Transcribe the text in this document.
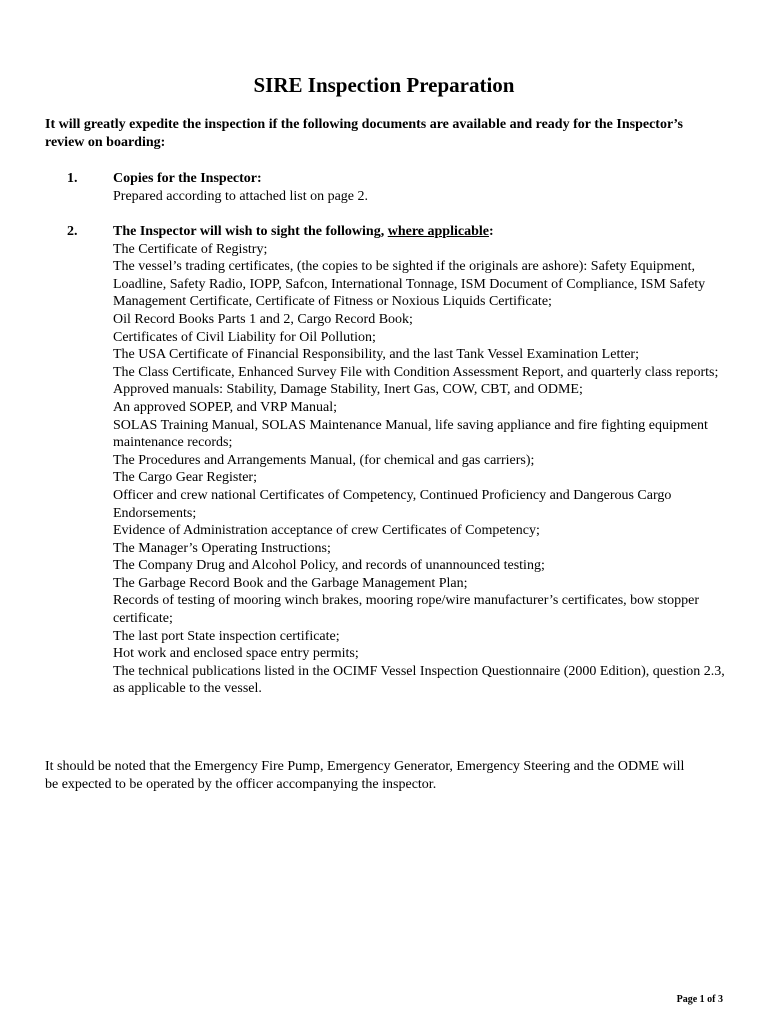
SIRE Inspection Preparation
It will greatly expedite the inspection if the following documents are available and ready for the Inspector’s review on boarding:
1.	Copies for the Inspector:
Prepared according to attached list on page 2.
2.	The Inspector will wish to sight the following, where applicable:
The Certificate of Registry;
The vessel’s trading certificates, (the copies to be sighted if the originals are ashore): Safety Equipment, Loadline, Safety Radio, IOPP, Safcon, International Tonnage, ISM Document of Compliance, ISM Safety Management Certificate, Certificate of Fitness or Noxious Liquids Certificate;
Oil Record Books Parts 1 and 2, Cargo Record Book;
Certificates of Civil Liability for Oil Pollution;
The USA Certificate of Financial Responsibility, and the last Tank Vessel Examination Letter;
The Class Certificate, Enhanced Survey File with Condition Assessment Report, and quarterly class reports;
Approved manuals: Stability, Damage Stability, Inert Gas, COW, CBT, and ODME;
An approved SOPEP, and VRP Manual;
SOLAS Training Manual, SOLAS Maintenance Manual, life saving appliance and fire fighting equipment maintenance records;
The Procedures and Arrangements Manual, (for chemical and gas carriers);
The Cargo Gear Register;
Officer and crew national Certificates of Competency, Continued Proficiency and Dangerous Cargo Endorsements;
Evidence of Administration acceptance of crew Certificates of Competency;
The Manager’s Operating Instructions;
The Company Drug and Alcohol Policy, and records of unannounced testing;
The Garbage Record Book and the Garbage Management Plan;
Records of testing of mooring winch brakes, mooring rope/wire manufacturer’s certificates, bow stopper certificate;
The last port State inspection certificate;
Hot work and enclosed space entry permits;
The technical publications listed in the OCIMF Vessel Inspection Questionnaire (2000 Edition), question 2.3, as applicable to the vessel.
It should be noted that the Emergency Fire Pump, Emergency Generator, Emergency Steering and the ODME will be expected to be operated by the officer accompanying the inspector.
Page 1 of 3
